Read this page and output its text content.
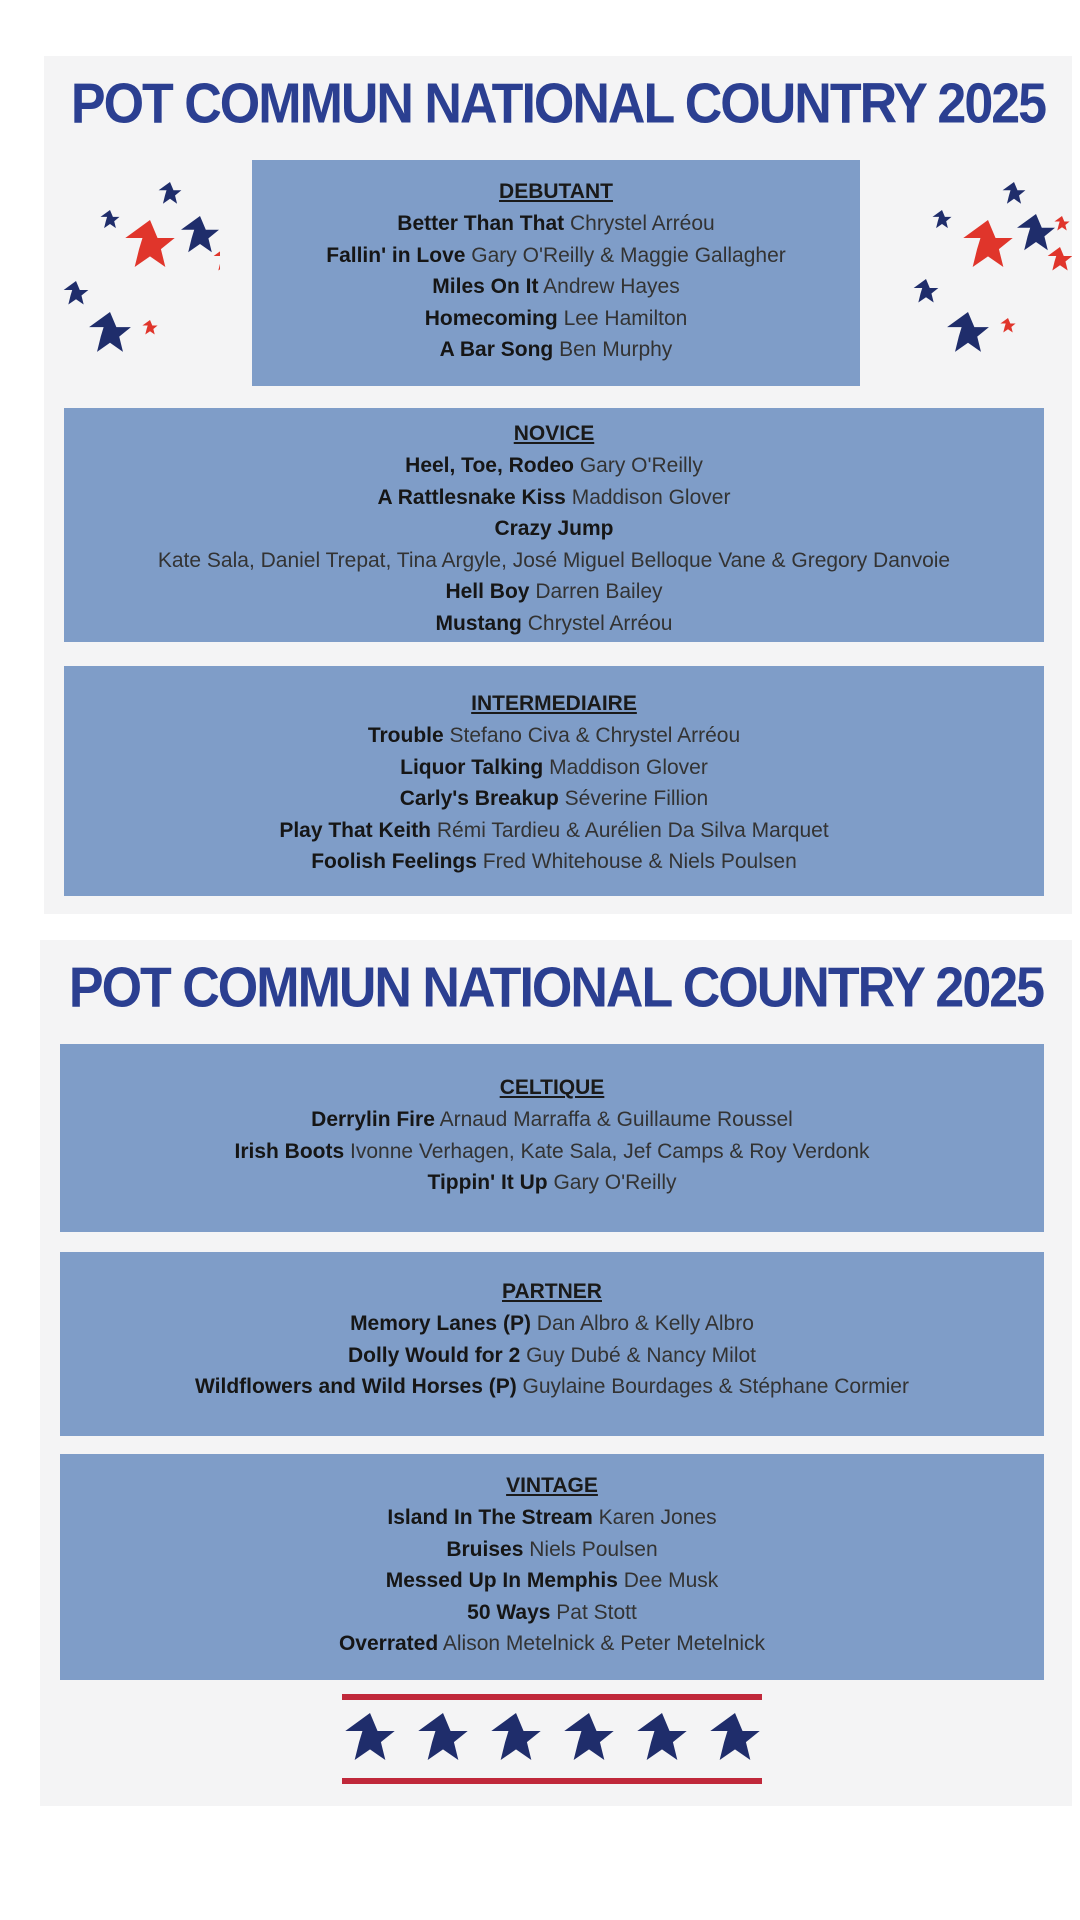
POT COMMUN NATIONAL COUNTRY 2025
DEBUTANT
Better Than That Chrystel Arréou
Fallin' in Love Gary O'Reilly & Maggie Gallagher
Miles On It Andrew Hayes
Homecoming Lee Hamilton
A Bar Song Ben Murphy
NOVICE
Heel, Toe, Rodeo Gary O'Reilly
A Rattlesnake Kiss Maddison Glover
Crazy Jump
Kate Sala, Daniel Trepat, Tina Argyle, José Miguel Belloque Vane & Gregory Danvoie
Hell Boy Darren Bailey
Mustang Chrystel Arréou
INTERMEDIAIRE
Trouble Stefano Civa & Chrystel Arréou
Liquor Talking Maddison Glover
Carly's Breakup Séverine Fillion
Play That Keith Rémi Tardieu & Aurélien Da Silva Marquet
Foolish Feelings Fred Whitehouse & Niels Poulsen
POT COMMUN NATIONAL COUNTRY 2025
CELTIQUE
Derrylin Fire Arnaud Marraffa & Guillaume Roussel
Irish Boots Ivonne Verhagen, Kate Sala, Jef Camps & Roy Verdonk
Tippin' It Up Gary O'Reilly
PARTNER
Memory Lanes (P) Dan Albro & Kelly Albro
Dolly Would for 2 Guy Dubé & Nancy Milot
Wildflowers and Wild Horses (P) Guylaine Bourdages & Stéphane Cormier
VINTAGE
Island In The Stream Karen Jones
Bruises Niels Poulsen
Messed Up In Memphis Dee Musk
50 Ways Pat Stott
Overrated Alison Metelnick & Peter Metelnick
